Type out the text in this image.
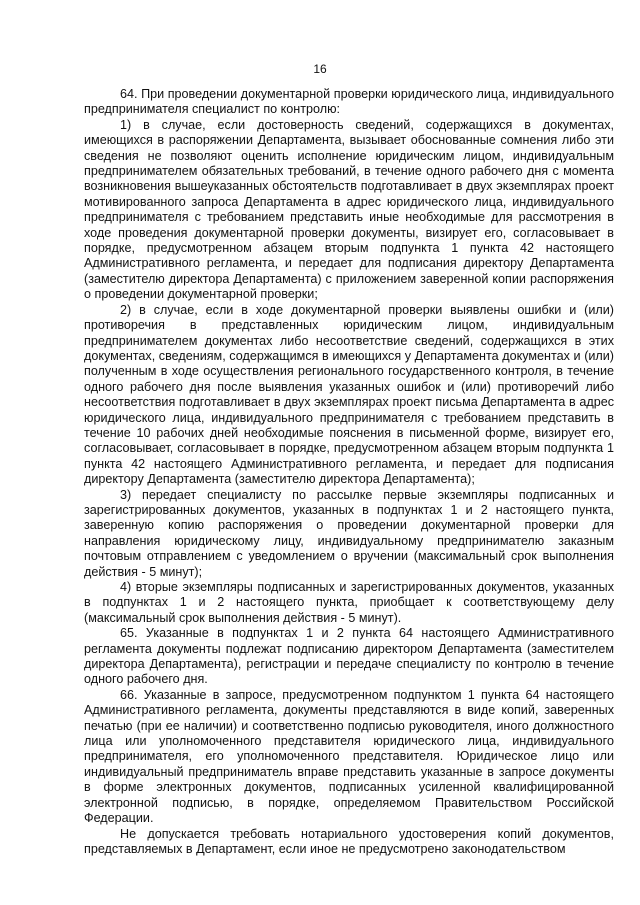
16

64. При проведении документарной проверки юридического лица, индивидуального предпринимателя специалист по контролю:

1) в случае, если достоверность сведений, содержащихся в документах, имеющихся в распоряжении Департамента, вызывает обоснованные сомнения либо эти сведения не позволяют оценить исполнение юридическим лицом, индивидуальным предпринимателем обязательных требований, в течение одного рабочего дня с момента возникновения вышеуказанных обстоятельств подготавливает в двух экземплярах проект мотивированного запроса Департамента в адрес юридического лица, индивидуального предпринимателя с требованием представить иные необходимые для рассмотрения в ходе проведения документарной проверки документы, визирует его, согласовывает в порядке, предусмотренном абзацем вторым подпункта 1 пункта 42 настоящего Административного регламента, и передает для подписания директору Департамента (заместителю директора Департамента) с приложением заверенной копии распоряжения о проведении документарной проверки;

2) в случае, если в ходе документарной проверки выявлены ошибки и (или) противоречия в представленных юридическим лицом, индивидуальным предпринимателем документах либо несоответствие сведений, содержащихся в этих документах, сведениям, содержащимся в имеющихся у Департамента документах и (или) полученным в ходе осуществления регионального государственного контроля, в течение одного рабочего дня после выявления указанных ошибок и (или) противоречий либо несоответствия подготавливает в двух экземплярах проект письма Департамента в адрес юридического лица, индивидуального предпринимателя с требованием представить в течение 10 рабочих дней необходимые пояснения в письменной форме, визирует его, согласовывает, согласовывает в порядке, предусмотренном абзацем вторым подпункта 1 пункта 42 настоящего Административного регламента, и передает для подписания директору Департамента (заместителю директора Департамента);

3) передает специалисту по рассылке первые экземпляры подписанных и зарегистрированных документов, указанных в подпунктах 1 и 2 настоящего пункта, заверенную копию распоряжения о проведении документарной проверки для направления юридическому лицу, индивидуальному предпринимателю заказным почтовым отправлением с уведомлением о вручении (максимальный срок выполнения действия - 5 минут);

4) вторые экземпляры подписанных и зарегистрированных документов, указанных в подпунктах 1 и 2 настоящего пункта, приобщает к соответствующему делу (максимальный срок выполнения действия - 5 минут).

65. Указанные в подпунктах 1 и 2 пункта 64 настоящего Административного регламента документы подлежат подписанию директором Департамента (заместителем директора Департамента), регистрации и передаче специалисту по контролю в течение одного рабочего дня.

66. Указанные в запросе, предусмотренном подпунктом 1 пункта 64 настоящего Административного регламента, документы представляются в виде копий, заверенных печатью (при ее наличии) и соответственно подписью руководителя, иного должностного лица или уполномоченного представителя юридического лица, индивидуального предпринимателя, его уполномоченного представителя. Юридическое лицо или индивидуальный предприниматель вправе представить указанные в запросе документы в форме электронных документов, подписанных усиленной квалифицированной электронной подписью, в порядке, определяемом Правительством Российской Федерации.

Не допускается требовать нотариального удостоверения копий документов, представляемых в Департамент, если иное не предусмотрено законодательством
